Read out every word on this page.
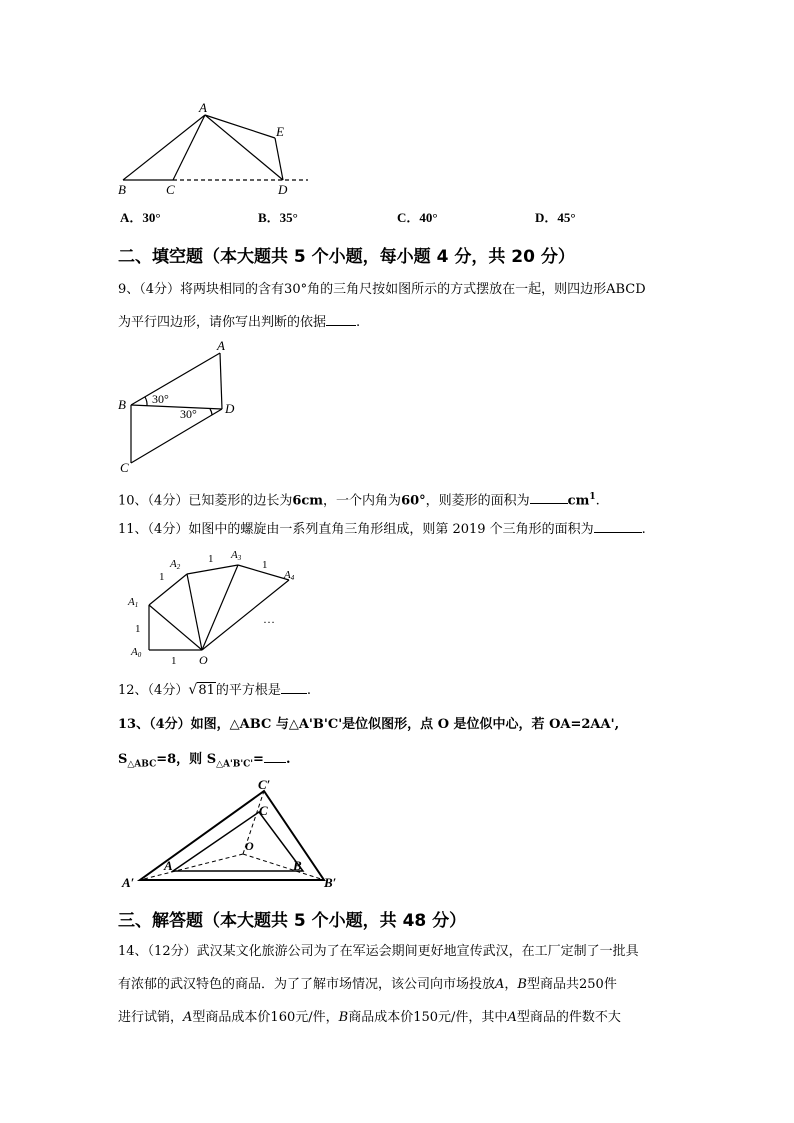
A
B	C	D
E
A．30°	B．35°	C．40°	D．45°
二、填空题（本大题共 5 个小题，每小题 4 分，共 20 分）
9、（4分）将两块相同的含有30°角的三角尺按如图所示的方式摆放在一起，则四边形ABCD
为平行四边形，请你写出判断的依据 .
A
B
C
D
30°
30°
10、（4分）已知菱形的边长为6cm，一个内角为60°，则菱形的面积为	$cm^1$.
11、（4分）如图中的螺旋由一系列直角三角形组成，则第 2019 个三角形的面积为	.
A0
A1
A2
A3
A4
O
1
1
1
1	1
…
12、（4分） √ 81的平方根是 .
13、（4分）如图，△ABC 与△A'B'C'是位似图形，点 O 是位似中心，若 OA=2AA',
$S_{\triangle ABC}=8$，则 $S_{\triangle A'B'C'}=$ .
A′	B′
C′
A	B
C
O
三、解答题（本大题共 5 个小题，共 48 分）
14、（12分）武汉某文化旅游公司为了在军运会期间更好地宣传武汉，在工厂定制了一批具
有浓郁的武汉特色的商品．为了了解市场情况，该公司向市场投放A，B型商品共250件
进行试销，A型商品成本价160元/件，B商品成本价150元/件，其中A型商品的件数不大
